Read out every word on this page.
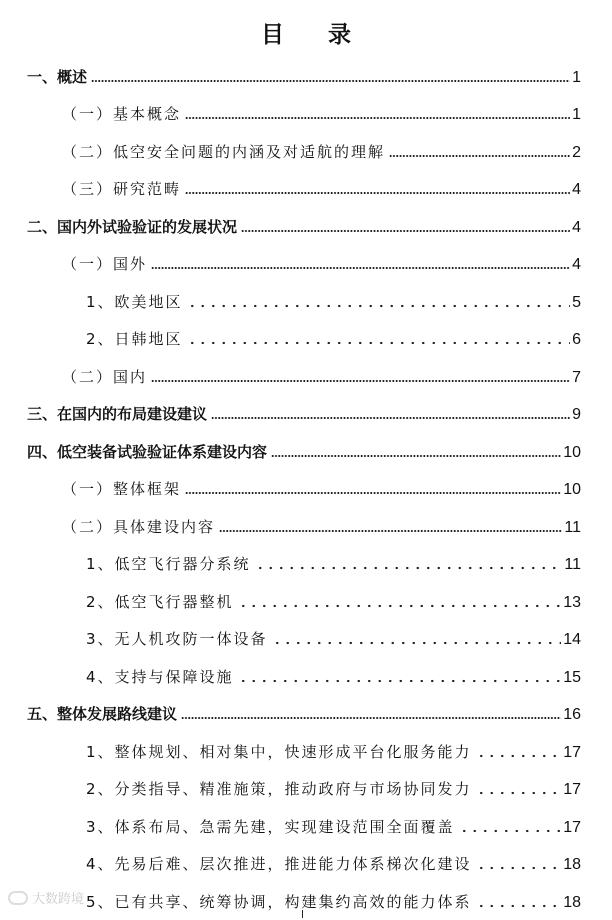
目 录
一、概述	1
（一）基本概念	1
（二）低空安全问题的内涵及对适航的理解	2
（三）研究范畴	4
二、国内外试验验证的发展状况	4
（一）国外	4
1、欧美地区	5
2、日韩地区	6
（二）国内	7
三、在国内的布局建设建议	9
四、低空装备试验验证体系建设内容	10
（一）整体框架	10
（二）具体建设内容	11
1、低空飞行器分系统	11
2、低空飞行器整机	13
3、无人机攻防一体设备	14
4、支持与保障设施	15
五、整体发展路线建议	16
1、整体规划、相对集中，快速形成平台化服务能力	17
2、分类指导、精准施策，推动政府与市场协同发力	17
3、体系布局、急需先建，实现建设范围全面覆盖	17
4、先易后难、层次推进，推进能力体系梯次化建设	18
5、已有共享、统筹协调，构建集约高效的能力体系	18
大数跨境
